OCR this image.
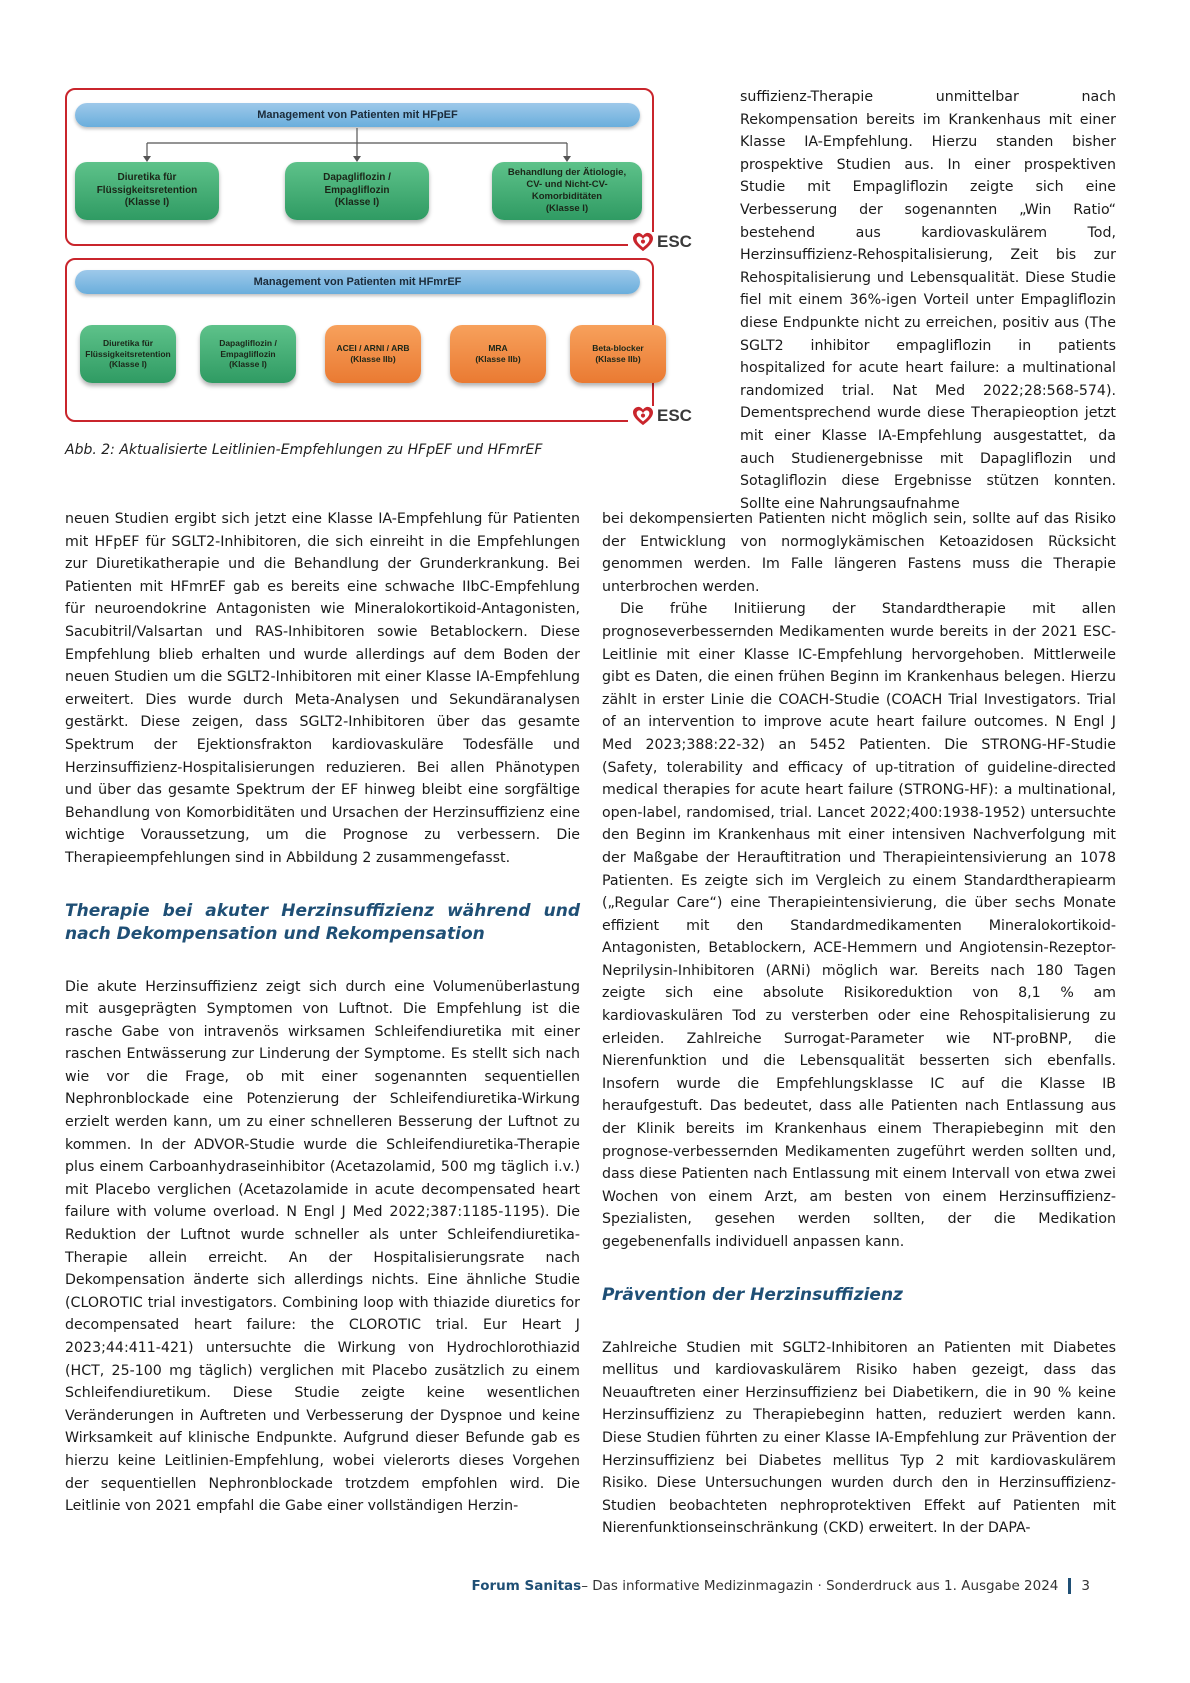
Management von Patienten mit HFpEF
Diuretika für
Flüssigkeitsretention
(Klasse I)
Dapagliflozin /
Empagliflozin
(Klasse I)
Behandlung der Ätiologie,
CV- und Nicht-CV-Komorbiditäten
(Klasse I)
ESC
Management von Patienten mit HFmrEF
Diuretika für
Flüssigkeitsretention
(Klasse I)
Dapagliflozin /
Empagliflozin
(Klasse I)
ACEI / ARNI / ARB
(Klasse IIb)
MRA
(Klasse IIb)
Beta-blocker
(Klasse IIb)
ESC
Abb. 2: Aktualisierte Leitlinien-Empfehlungen zu HFpEF und HFmrEF

suffizienz-Therapie unmittelbar nach Rekompensation bereits im Krankenhaus mit einer Klasse IA-Empfehlung. Hierzu standen bisher prospektive Studien aus. In einer prospektiven Studie mit Empagliflozin zeigte sich eine Verbesserung der sogenannten „Win Ratio“ bestehend aus kardiovaskulärem Tod, Herzinsuffizienz-Rehospitalisierung, Zeit bis zur Rehospitalisierung und Lebensqualität. Diese Studie fiel mit einem 36%-igen Vorteil unter Empagliflozin diese Endpunkte nicht zu erreichen, positiv aus (The SGLT2 inhibitor empagliflozin in patients hospitalized for acute heart failure: a multinational randomized trial. Nat Med 2022;28:568-574). Dementsprechend wurde diese Therapieoption jetzt mit einer Klasse IA-Empfehlung ausgestattet, da auch Studienergebnisse mit Dapagliflozin und Sotagliflozin diese Ergebnisse stützen konnten. Sollte eine Nahrungsaufnahme

neuen Studien ergibt sich jetzt eine Klasse IA-Empfehlung für Patienten mit HFpEF für SGLT2-Inhibitoren, die sich einreiht in die Empfehlungen zur Diuretikatherapie und die Behandlung der Grunderkrankung. Bei Patienten mit HFmrEF gab es bereits eine schwache IIbC-Empfehlung für neuroendokrine Antagonisten wie Mineralokortikoid-Antagonisten, Sacubitril/Valsartan und RAS-Inhibitoren sowie Betablockern. Diese Empfehlung blieb erhalten und wurde allerdings auf dem Boden der neuen Studien um die SGLT2-Inhibitoren mit einer Klasse IA-Empfehlung erweitert. Dies wurde durch Meta-Analysen und Sekundäranalysen gestärkt. Diese zeigen, dass SGLT2-Inhibitoren über das gesamte Spektrum der Ejektionsfrakton kardiovaskuläre Todesfälle und Herzinsuffizienz-Hospitalisierungen reduzieren. Bei allen Phänotypen und über das gesamte Spektrum der EF hinweg bleibt eine sorgfältige Behandlung von Komorbiditäten und Ursachen der Herzinsuffizienz eine wichtige Voraussetzung, um die Prognose zu verbessern. Die Therapieempfehlungen sind in Abbildung 2 zusammengefasst.

Therapie bei akuter Herzinsuffizienz während und nach Dekompensation und Rekompensation

Die akute Herzinsuffizienz zeigt sich durch eine Volumenüberlastung mit ausgeprägten Symptomen von Luftnot. Die Empfehlung ist die rasche Gabe von intravenös wirksamen Schleifendiuretika mit einer raschen Entwässerung zur Linderung der Symptome. Es stellt sich nach wie vor die Frage, ob mit einer sogenannten sequentiellen Nephronblockade eine Potenzierung der Schleifendiuretika-Wirkung erzielt werden kann, um zu einer schnelleren Besserung der Luftnot zu kommen. In der ADVOR-Studie wurde die Schleifendiuretika-Therapie plus einem Carboanhydraseinhibitor (Acetazolamid, 500 mg täglich i.v.) mit Placebo verglichen (Acetazolamide in acute decompensated heart failure with volume overload. N Engl J Med 2022;387:1185-1195). Die Reduktion der Luftnot wurde schneller als unter Schleifendiuretika-Therapie allein erreicht. An der Hospitalisierungsrate nach Dekompensation änderte sich allerdings nichts. Eine ähnliche Studie (CLOROTIC trial investigators. Combining loop with thiazide diuretics for decompensated heart failure: the CLOROTIC trial. Eur Heart J 2023;44:411-421) untersuchte die Wirkung von Hydrochlorothiazid (HCT, 25-100 mg täglich) verglichen mit Placebo zusätzlich zu einem Schleifendiuretikum. Diese Studie zeigte keine wesentlichen Veränderungen in Auftreten und Verbesserung der Dyspnoe und keine Wirksamkeit auf klinische Endpunkte. Aufgrund dieser Befunde gab es hierzu keine Leitlinien-Empfehlung, wobei vielerorts dieses Vorgehen der sequentiellen Nephronblockade trotzdem empfohlen wird. Die Leitlinie von 2021 empfahl die Gabe einer vollständigen Herzin-

bei dekompensierten Patienten nicht möglich sein, sollte auf das Risiko der Entwicklung von normoglykämischen Ketoazidosen Rücksicht genommen werden. Im Falle längeren Fastens muss die Therapie unterbrochen werden.

Die frühe Initiierung der Standardtherapie mit allen prognoseverbessernden Medikamenten wurde bereits in der 2021 ESC-Leitlinie mit einer Klasse IC-Empfehlung hervorgehoben. Mittlerweile gibt es Daten, die einen frühen Beginn im Krankenhaus belegen. Hierzu zählt in erster Linie die COACH-Studie (COACH Trial Investigators. Trial of an intervention to improve acute heart failure outcomes. N Engl J Med 2023;388:22-32) an 5452 Patienten. Die STRONG-HF-Studie (Safety, tolerability and efficacy of up-titration of guideline-directed medical therapies for acute heart failure (STRONG-HF): a multinational, open-label, randomised, trial. Lancet 2022;400:1938-1952) untersuchte den Beginn im Krankenhaus mit einer intensiven Nachverfolgung mit der Maßgabe der Herauftitration und Therapieintensivierung an 1078 Patienten. Es zeigte sich im Vergleich zu einem Standardtherapiearm („Regular Care“) eine Therapieintensivierung, die über sechs Monate effizient mit den Standardmedikamenten Mineralokortikoid-Antagonisten, Betablockern, ACE-Hemmern und Angiotensin-Rezeptor-Neprilysin-Inhibitoren (ARNi) möglich war. Bereits nach 180 Tagen zeigte sich eine absolute Risikoreduktion von 8,1 % am kardiovaskulären Tod zu versterben oder eine Rehospitalisierung zu erleiden. Zahlreiche Surrogat-Parameter wie NT-proBNP, die Nierenfunktion und die Lebensqualität besserten sich ebenfalls. Insofern wurde die Empfehlungsklasse IC auf die Klasse IB heraufgestuft. Das bedeutet, dass alle Patienten nach Entlassung aus der Klinik bereits im Krankenhaus einem Therapiebeginn mit den prognose-verbessernden Medikamenten zugeführt werden sollten und, dass diese Patienten nach Entlassung mit einem Intervall von etwa zwei Wochen von einem Arzt, am besten von einem Herzinsuffizienz-Spezialisten, gesehen werden sollten, der die Medikation gegebenenfalls individuell anpassen kann.

Prävention der Herzinsuffizienz

Zahlreiche Studien mit SGLT2-Inhibitoren an Patienten mit Diabetes mellitus und kardiovaskulärem Risiko haben gezeigt, dass das Neuauftreten einer Herzinsuffizienz bei Diabetikern, die in 90 % keine Herzinsuffizienz zu Therapiebeginn hatten, reduziert werden kann. Diese Studien führten zu einer Klasse IA-Empfehlung zur Prävention der Herzinsuffizienz bei Diabetes mellitus Typ 2 mit kardiovaskulärem Risiko. Diese Untersuchungen wurden durch den in Herzinsuffizienz-Studien beobachteten nephroprotektiven Effekt auf Patienten mit Nierenfunktionseinschränkung (CKD) erweitert. In der DAPA-

Forum Sanitas – Das informative Medizinmagazin · Sonderdruck aus 1. Ausgabe 2024 3
